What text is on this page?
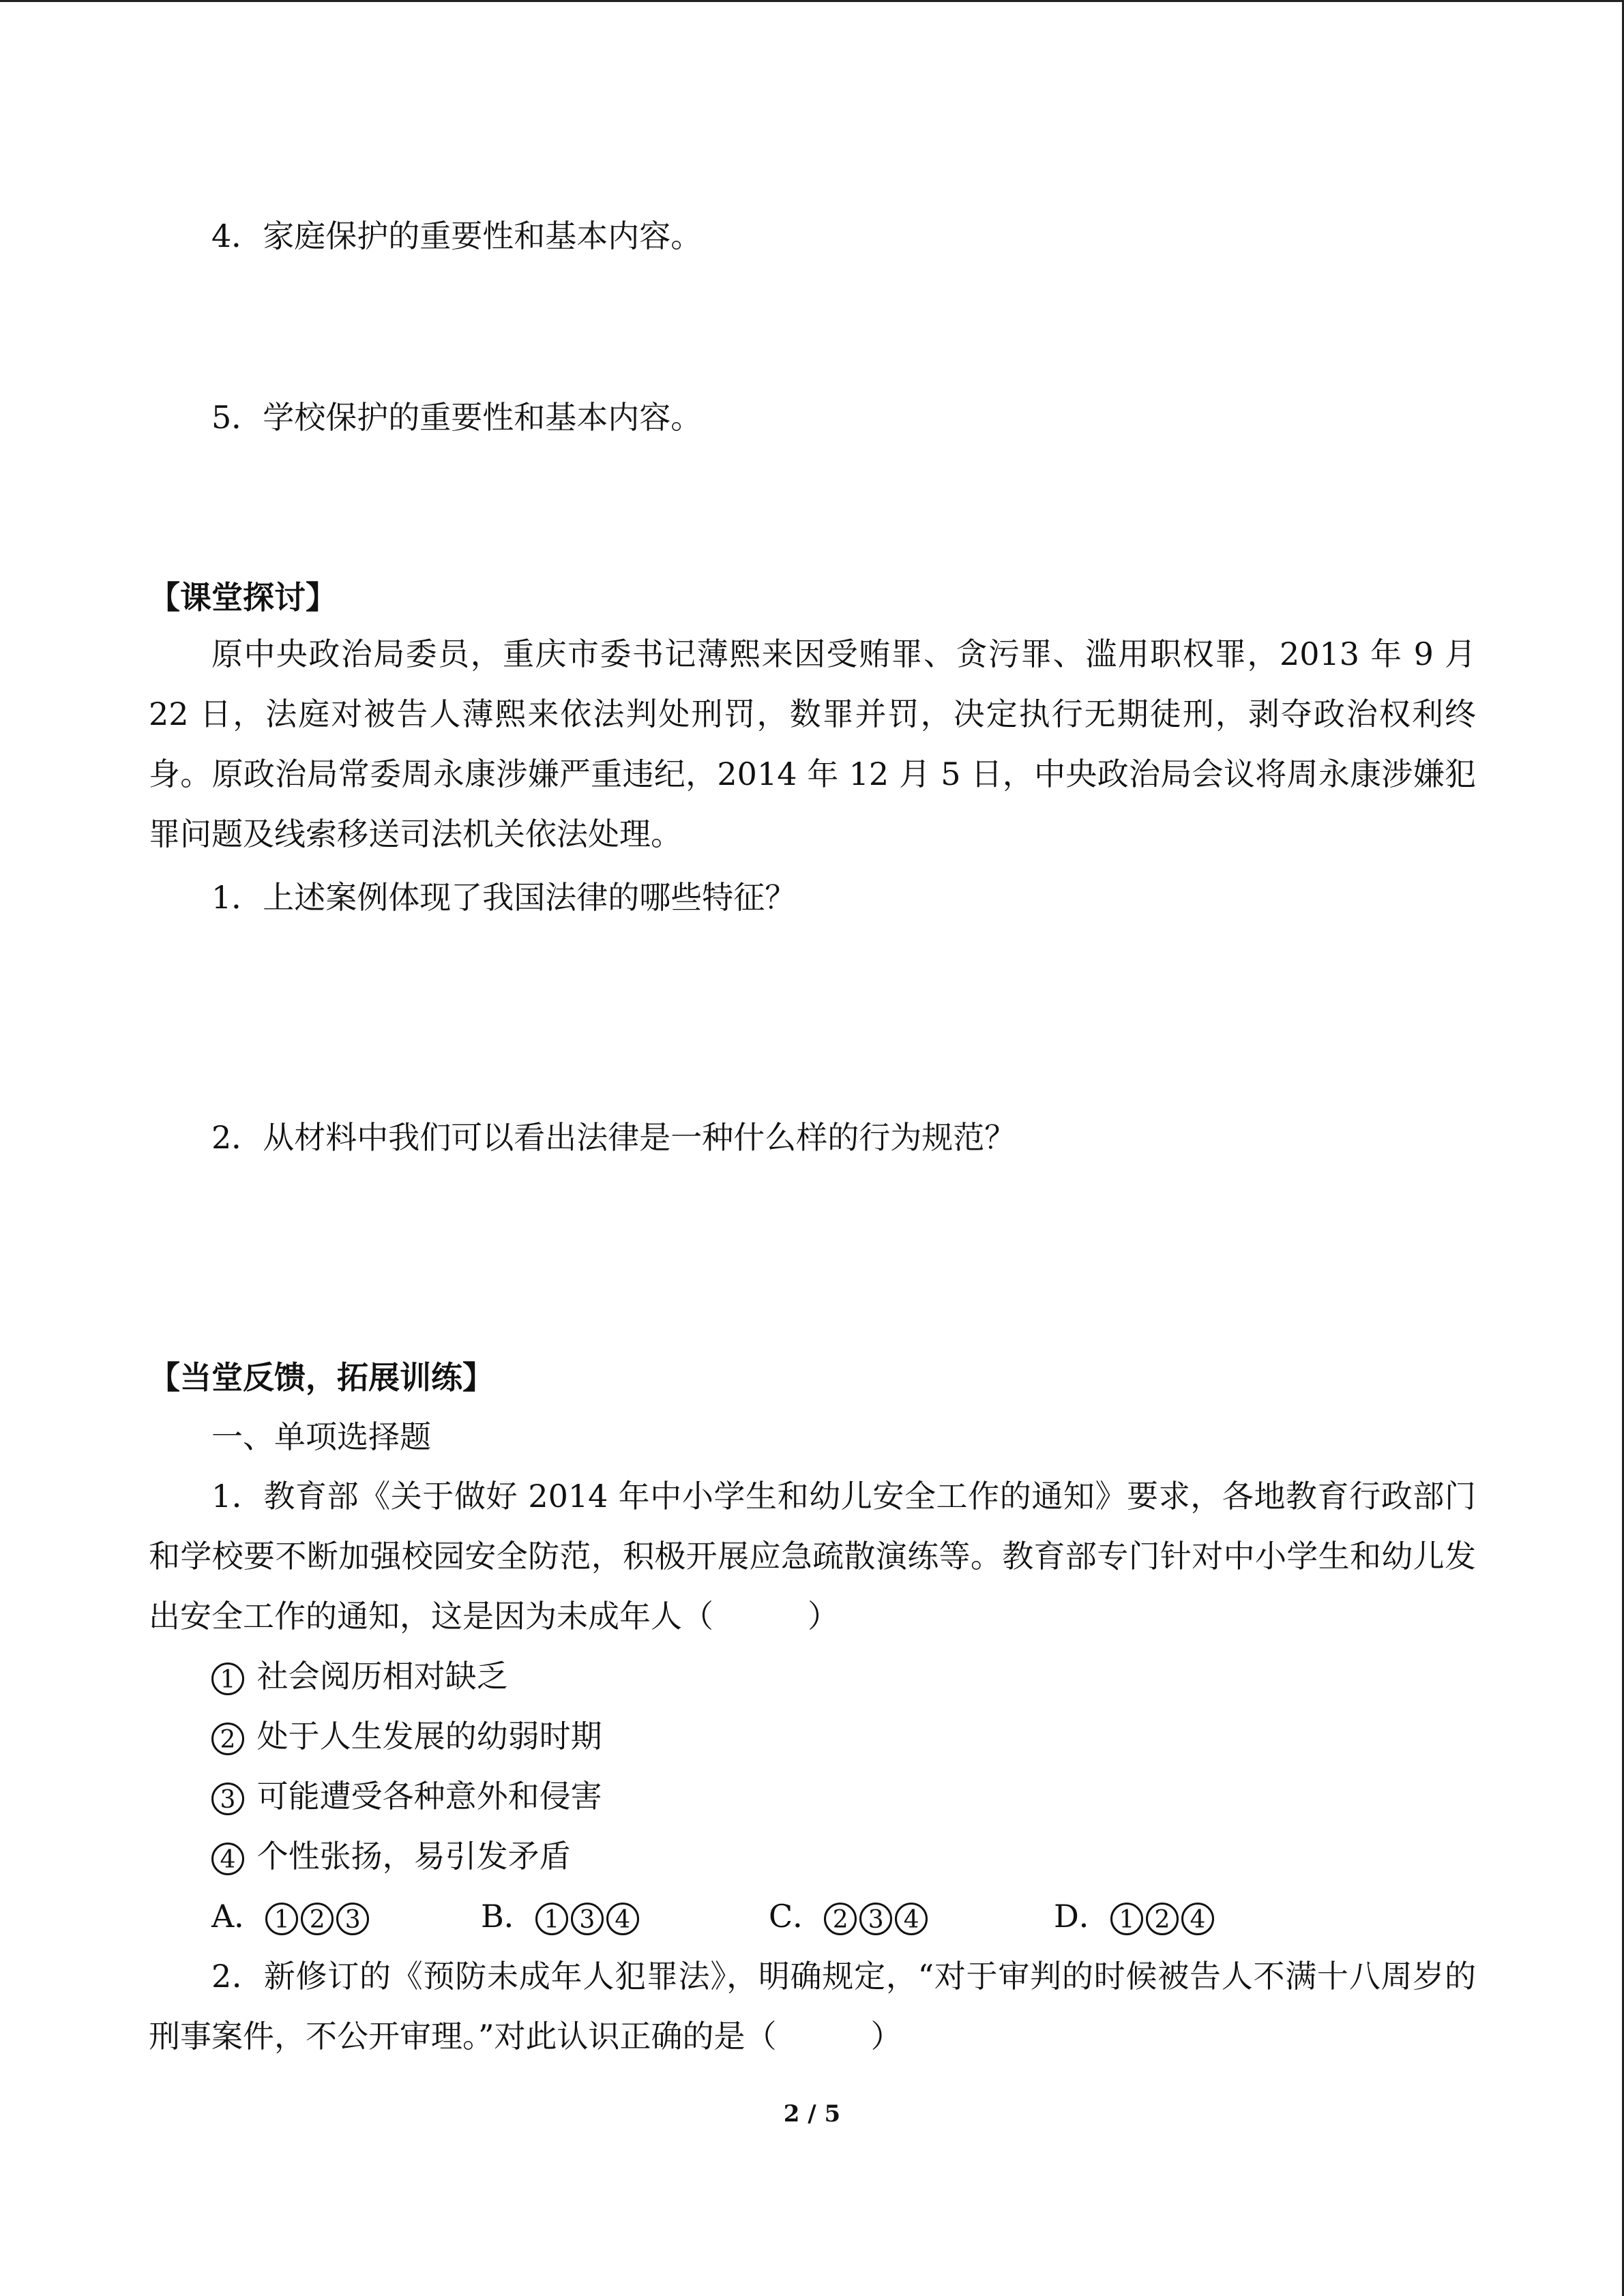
4．家庭保护的重要性和基本内容。
5．学校保护的重要性和基本内容。
【课堂探讨】
原中央政治局委员，重庆市委书记薄熙来因受贿罪、贪污罪、滥用职权罪，2013 年 9 月 22 日，法庭对被告人薄熙来依法判处刑罚，数罪并罚，决定执行无期徒刑，剥夺政治权利终身。原政治局常委周永康涉嫌严重违纪，2014 年 12 月 5 日，中央政治局会议将周永康涉嫌犯罪问题及线索移送司法机关依法处理。
1．上述案例体现了我国法律的哪些特征？
2．从材料中我们可以看出法律是一种什么样的行为规范？
【当堂反馈，拓展训练】
一、单项选择题
1．教育部《关于做好 2014 年中小学生和幼儿安全工作的通知》要求，各地教育行政部门和学校要不断加强校园安全防范，积极开展应急疏散演练等。教育部专门针对中小学生和幼儿发出安全工作的通知，这是因为未成年人（　　　）
1 社会阅历相对缺乏
2 处于人生发展的幼弱时期
3 可能遭受各种意外和侵害
4 个性张扬，易引发矛盾
A． 1 2 3	B． 1 3 4	C． 2 3 4	D． 1 2 4
2．新修订的《预防未成年人犯罪法》，明确规定，“对于审判的时候被告人不满十八周岁的刑事案件，不公开审理。”对此认识正确的是（　　　）
2 / 5
